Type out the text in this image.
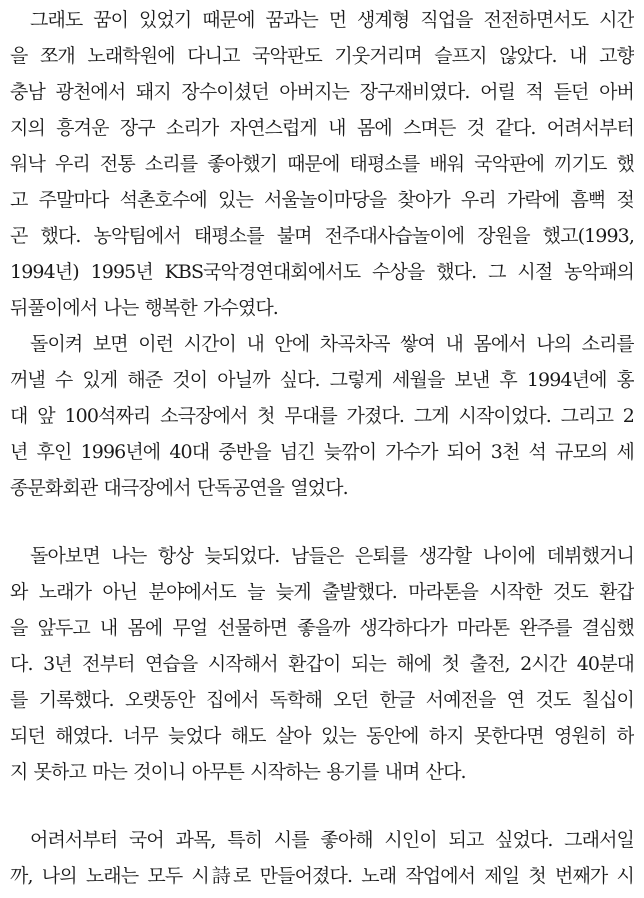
그래도 꿈이 있었기 때문에 꿈과는 먼 생계형 직업을 전전하면서도 시간
을 쪼개 노래학원에 다니고 국악판도 기웃거리며 슬프지 않았다. 내 고향
충남 광천에서 돼지 장수이셨던 아버지는 장구재비였다. 어릴 적 듣던 아버
지의 흥겨운 장구 소리가 자연스럽게 내 몸에 스며든 것 같다. 어려서부터
워낙 우리 전통 소리를 좋아했기 때문에 태평소를 배워 국악판에 끼기도 했
고 주말마다 석촌호수에 있는 서울놀이마당을 찾아가 우리 가락에 흠뻑 젖
곤 했다. 농악팀에서 태평소를 불며 전주대사습놀이에 장원을 했고(1993,
1994년) 1995년 KBS국악경연대회에서도 수상을 했다. 그 시절 농악패의
뒤풀이에서 나는 행복한 가수였다.
돌이켜 보면 이런 시간이 내 안에 차곡차곡 쌓여 내 몸에서 나의 소리를
꺼낼 수 있게 해준 것이 아닐까 싶다. 그렇게 세월을 보낸 후 1994년에 홍
대 앞 100석짜리 소극장에서 첫 무대를 가졌다. 그게 시작이었다. 그리고 2
년 후인 1996년에 40대 중반을 넘긴 늦깎이 가수가 되어 3천 석 규모의 세
종문화회관 대극장에서 단독공연을 열었다.
돌아보면 나는 항상 늦되었다. 남들은 은퇴를 생각할 나이에 데뷔했거니
와 노래가 아닌 분야에서도 늘 늦게 출발했다. 마라톤을 시작한 것도 환갑
을 앞두고 내 몸에 무얼 선물하면 좋을까 생각하다가 마라톤 완주를 결심했
다. 3년 전부터 연습을 시작해서 환갑이 되는 해에 첫 출전, 2시간 40분대
를 기록했다. 오랫동안 집에서 독학해 오던 한글 서예전을 연 것도 칠십이
되던 해였다. 너무 늦었다 해도 살아 있는 동안에 하지 못한다면 영원히 하
지 못하고 마는 것이니 아무튼 시작하는 용기를 내며 산다.
어려서부터 국어 과목, 특히 시를 좋아해 시인이 되고 싶었다. 그래서일
까, 나의 노래는 모두 시詩로 만들어졌다. 노래 작업에서 제일 첫 번째가 시
